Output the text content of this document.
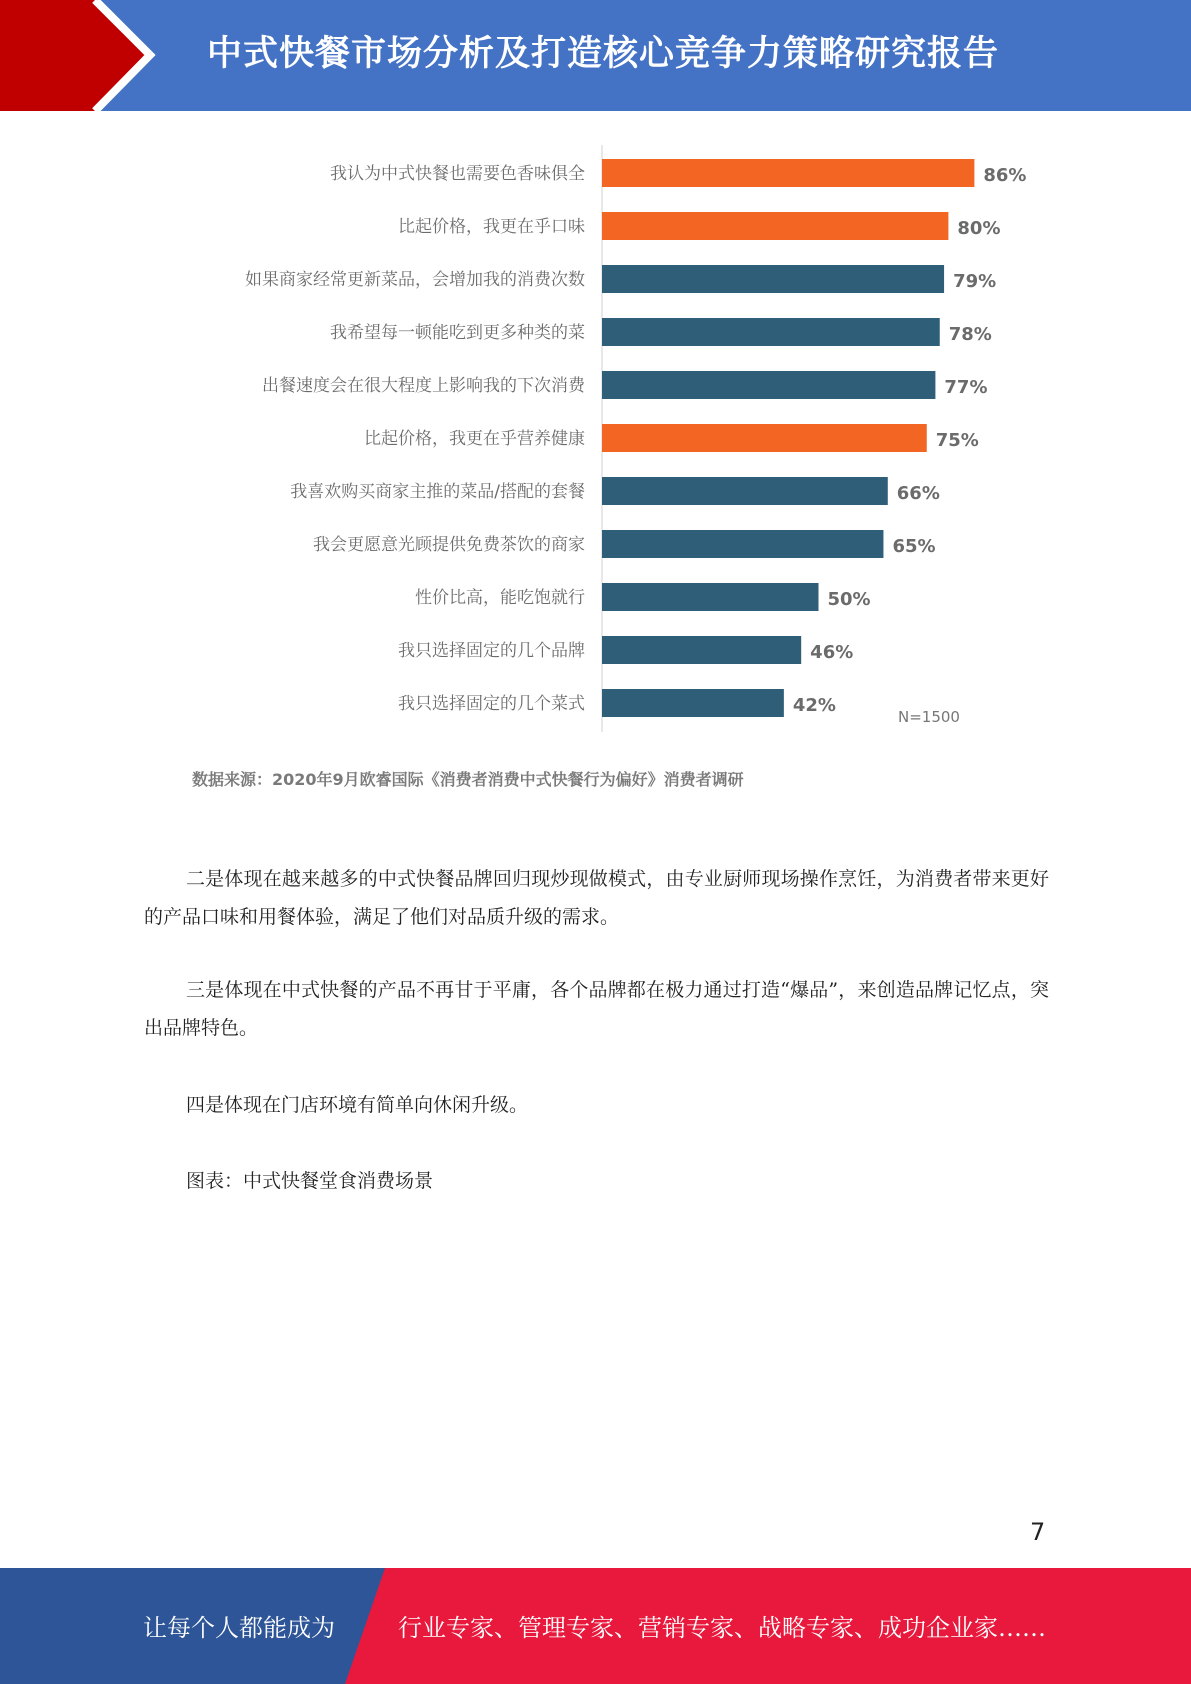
中式快餐市场分析及打造核心竞争力策略研究报告
我认为中式快餐也需要色香味俱全	86%
比起价格，我更在乎口味	80%
如果商家经常更新菜品，会增加我的消费次数	79%
我希望每一顿能吃到更多种类的菜	78%
出餐速度会在很大程度上影响我的下次消费	77%
比起价格，我更在乎营养健康	75%
我喜欢购买商家主推的菜品/搭配的套餐	66%
我会更愿意光顾提供免费茶饮的商家	65%
性价比高，能吃饱就行	50%
我只选择固定的几个品牌	46%
我只选择固定的几个菜式	42%
N=1500
数据来源：2020年9月欧睿国际《消费者消费中式快餐行为偏好》消费者调研

二是体现在越来越多的中式快餐品牌回归现炒现做模式，由专业厨师现场操作烹饪，为消费者带来更好的产品口味和用餐体验，满足了他们对品质升级的需求。

三是体现在中式快餐的产品不再甘于平庸，各个品牌都在极力通过打造“爆品”，来创造品牌记忆点，突出品牌特色。

四是体现在门店环境有简单向休闲升级。

图表：中式快餐堂食消费场景

7
让每个人都能成为	行业专家、管理专家、营销专家、战略专家、成功企业家……
